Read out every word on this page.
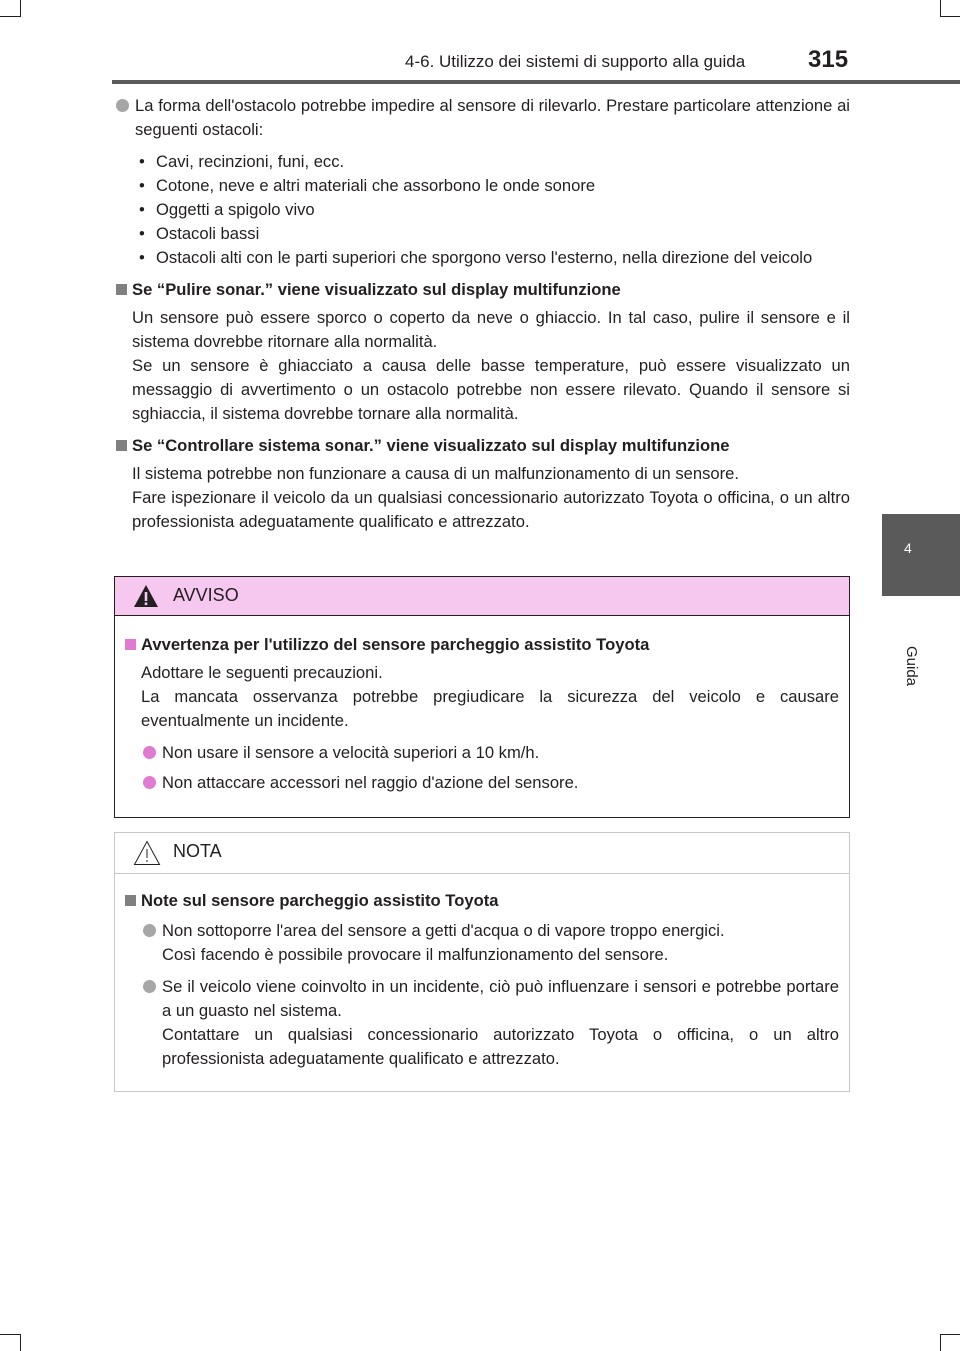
4-6. Utilizzo dei sistemi di supporto alla guida	315
4
Guida
La forma dell'ostacolo potrebbe impedire al sensore di rilevarlo. Prestare particolare attenzione ai seguenti ostacoli:
• Cavi, recinzioni, funi, ecc.
• Cotone, neve e altri materiali che assorbono le onde sonore
• Oggetti a spigolo vivo
• Ostacoli bassi
• Ostacoli alti con le parti superiori che sporgono verso l'esterno, nella direzione del veicolo
Se “Pulire sonar.” viene visualizzato sul display multifunzione

Un sensore può essere sporco o coperto da neve o ghiaccio. In tal caso, pulire il sensore e il sistema dovrebbe ritornare alla normalità.

Se un sensore è ghiacciato a causa delle basse temperature, può essere visualizzato un messaggio di avvertimento o un ostacolo potrebbe non essere rilevato. Quando il sensore si sghiaccia, il sistema dovrebbe tornare alla normalità.

Se “Controllare sistema sonar.” viene visualizzato sul display multifunzione

Il sistema potrebbe non funzionare a causa di un malfunzionamento di un sensore.

Fare ispezionare il veicolo da un qualsiasi concessionario autorizzato Toyota o officina, o un altro professionista adeguatamente qualificato e attrezzato.

AVVISO
Avvertenza per l'utilizzo del sensore parcheggio assistito Toyota

Adottare le seguenti precauzioni.

La mancata osservanza potrebbe pregiudicare la sicurezza del veicolo e causare eventualmente un incidente.

Non usare il sensore a velocità superiori a 10 km/h.
Non attaccare accessori nel raggio d'azione del sensore.
NOTA
Note sul sensore parcheggio assistito Toyota

Non sottoporre l'area del sensore a getti d'acqua o di vapore troppo energici.

Così facendo è possibile provocare il malfunzionamento del sensore.

Se il veicolo viene coinvolto in un incidente, ciò può influenzare i sensori e potrebbe portare a un guasto nel sistema.

Contattare un qualsiasi concessionario autorizzato Toyota o officina, o un altro professionista adeguatamente qualificato e attrezzato.
